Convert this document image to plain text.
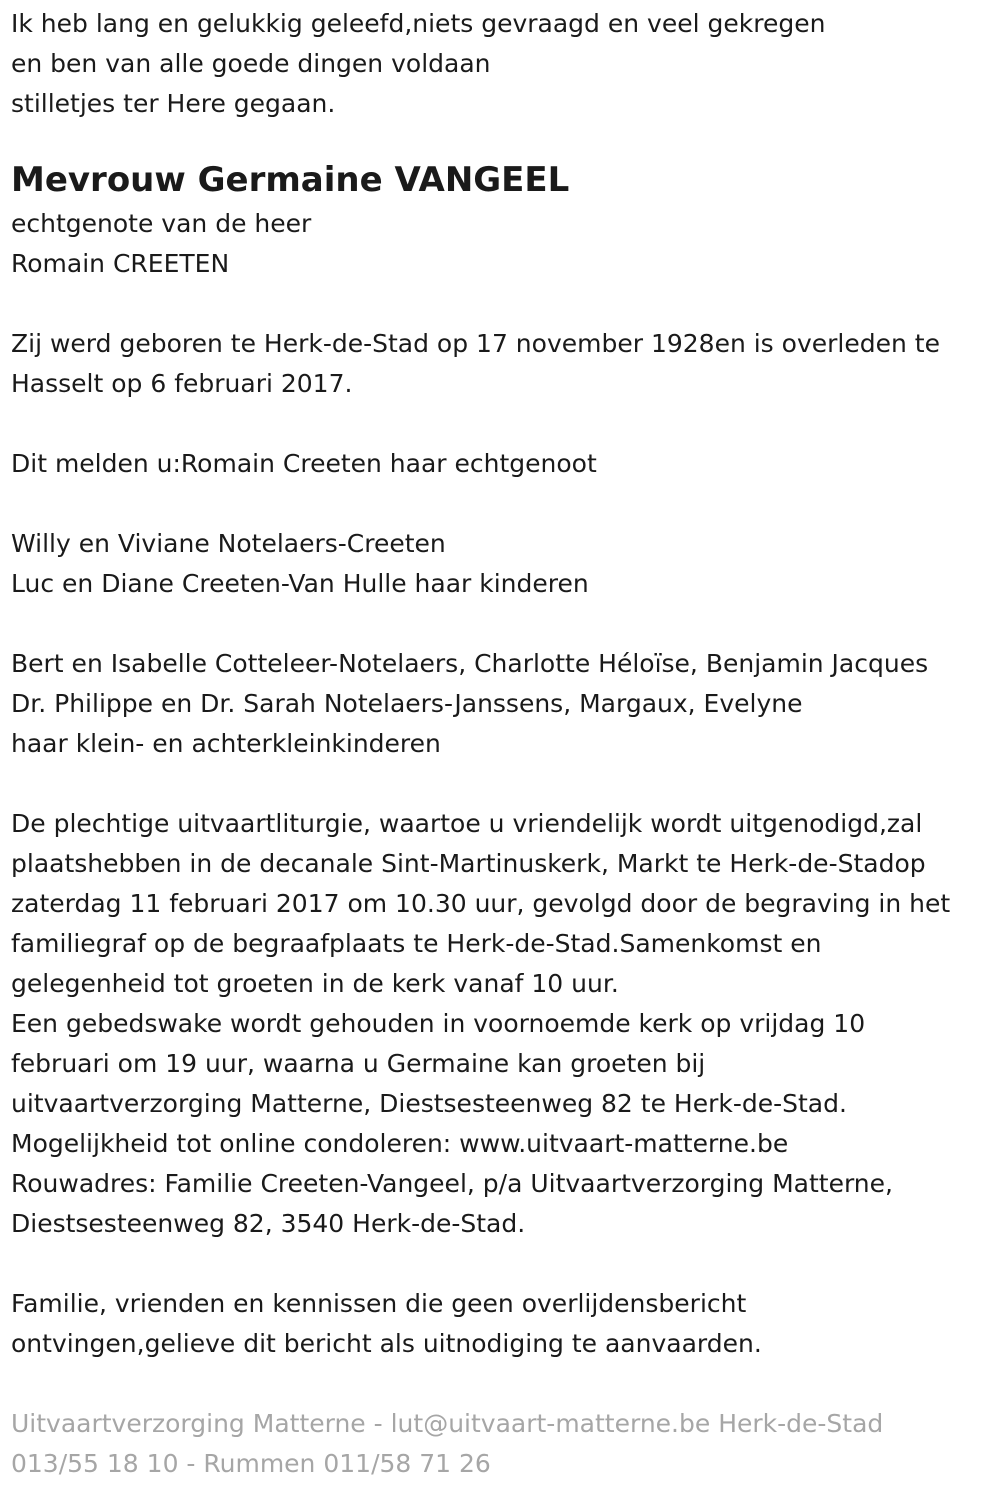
Ik heb lang en gelukkig geleefd,niets gevraagd en veel gekregen
en ben van alle goede dingen voldaan
stilletjes ter Here gegaan.
Mevrouw Germaine VANGEEL
echtgenote van de heer
Romain CREETEN
Zij werd geboren te Herk-de-Stad op 17 november 1928en is overleden te
Hasselt op 6 februari 2017.
Dit melden u:Romain Creeten haar echtgenoot
Willy en Viviane Notelaers-Creeten
Luc en Diane Creeten-Van Hulle haar kinderen
Bert en Isabelle Cotteleer-Notelaers, Charlotte Héloïse, Benjamin Jacques
Dr. Philippe en Dr. Sarah Notelaers-Janssens, Margaux, Evelyne
haar klein- en achterkleinkinderen
De plechtige uitvaartliturgie, waartoe u vriendelijk wordt uitgenodigd,zal
plaatshebben in de decanale Sint-Martinuskerk, Markt te Herk-de-Stadop
zaterdag 11 februari 2017 om 10.30 uur, gevolgd door de begraving in het
familiegraf op de begraafplaats te Herk-de-Stad.Samenkomst en
gelegenheid tot groeten in de kerk vanaf 10 uur.
Een gebedswake wordt gehouden in voornoemde kerk op vrijdag 10
februari om 19 uur, waarna u Germaine kan groeten bij
uitvaartverzorging Matterne, Diestsesteenweg 82 te Herk-de-Stad.
Mogelijkheid tot online condoleren: www.uitvaart-matterne.be
Rouwadres: Familie Creeten-Vangeel, p/a Uitvaartverzorging Matterne,
Diestsesteenweg 82, 3540 Herk-de-Stad.
Familie, vrienden en kennissen die geen overlijdensbericht
ontvingen,gelieve dit bericht als uitnodiging te aanvaarden.
Uitvaartverzorging Matterne - lut@uitvaart-matterne.be Herk-de-Stad
013/55 18 10 - Rummen 011/58 71 26
